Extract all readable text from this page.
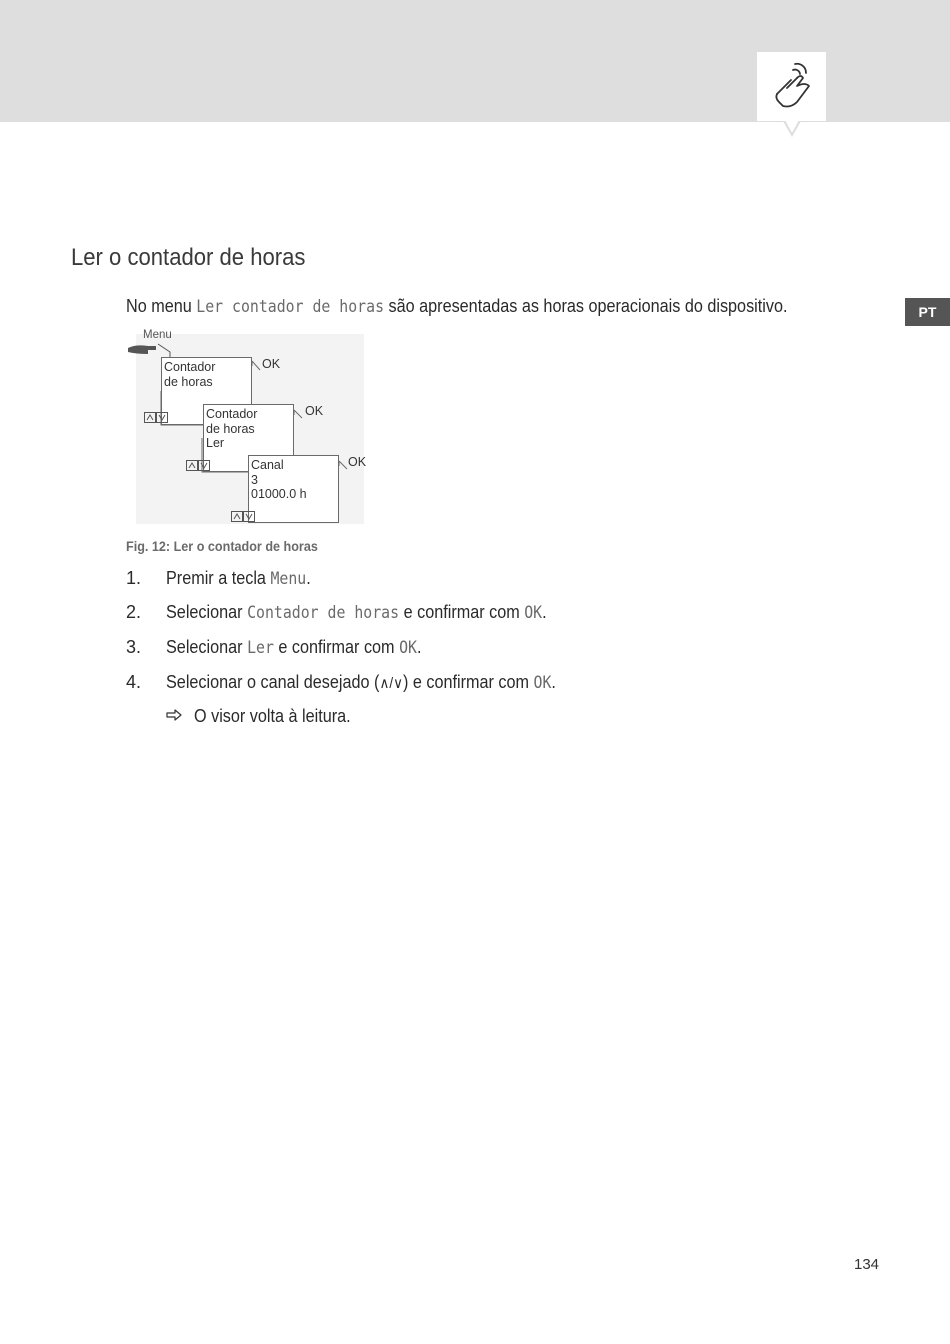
PT
Ler o contador de horas
No menu Ler contador de horas são apresentadas as horas operacionais do dispositivo.
Menu
Contador
de horas
OK
Contador
de horas
Ler
OK
Canal
3
01000.0 h
OK
Fig. 12: Ler o contador de horas
1. Premir a tecla Menu.
2. Selecionar Contador de horas e confirmar com OK.
3. Selecionar Ler e confirmar com OK.
4. Selecionar o canal desejado (∧/∨) e confirmar com OK.
O visor volta à leitura.
134
